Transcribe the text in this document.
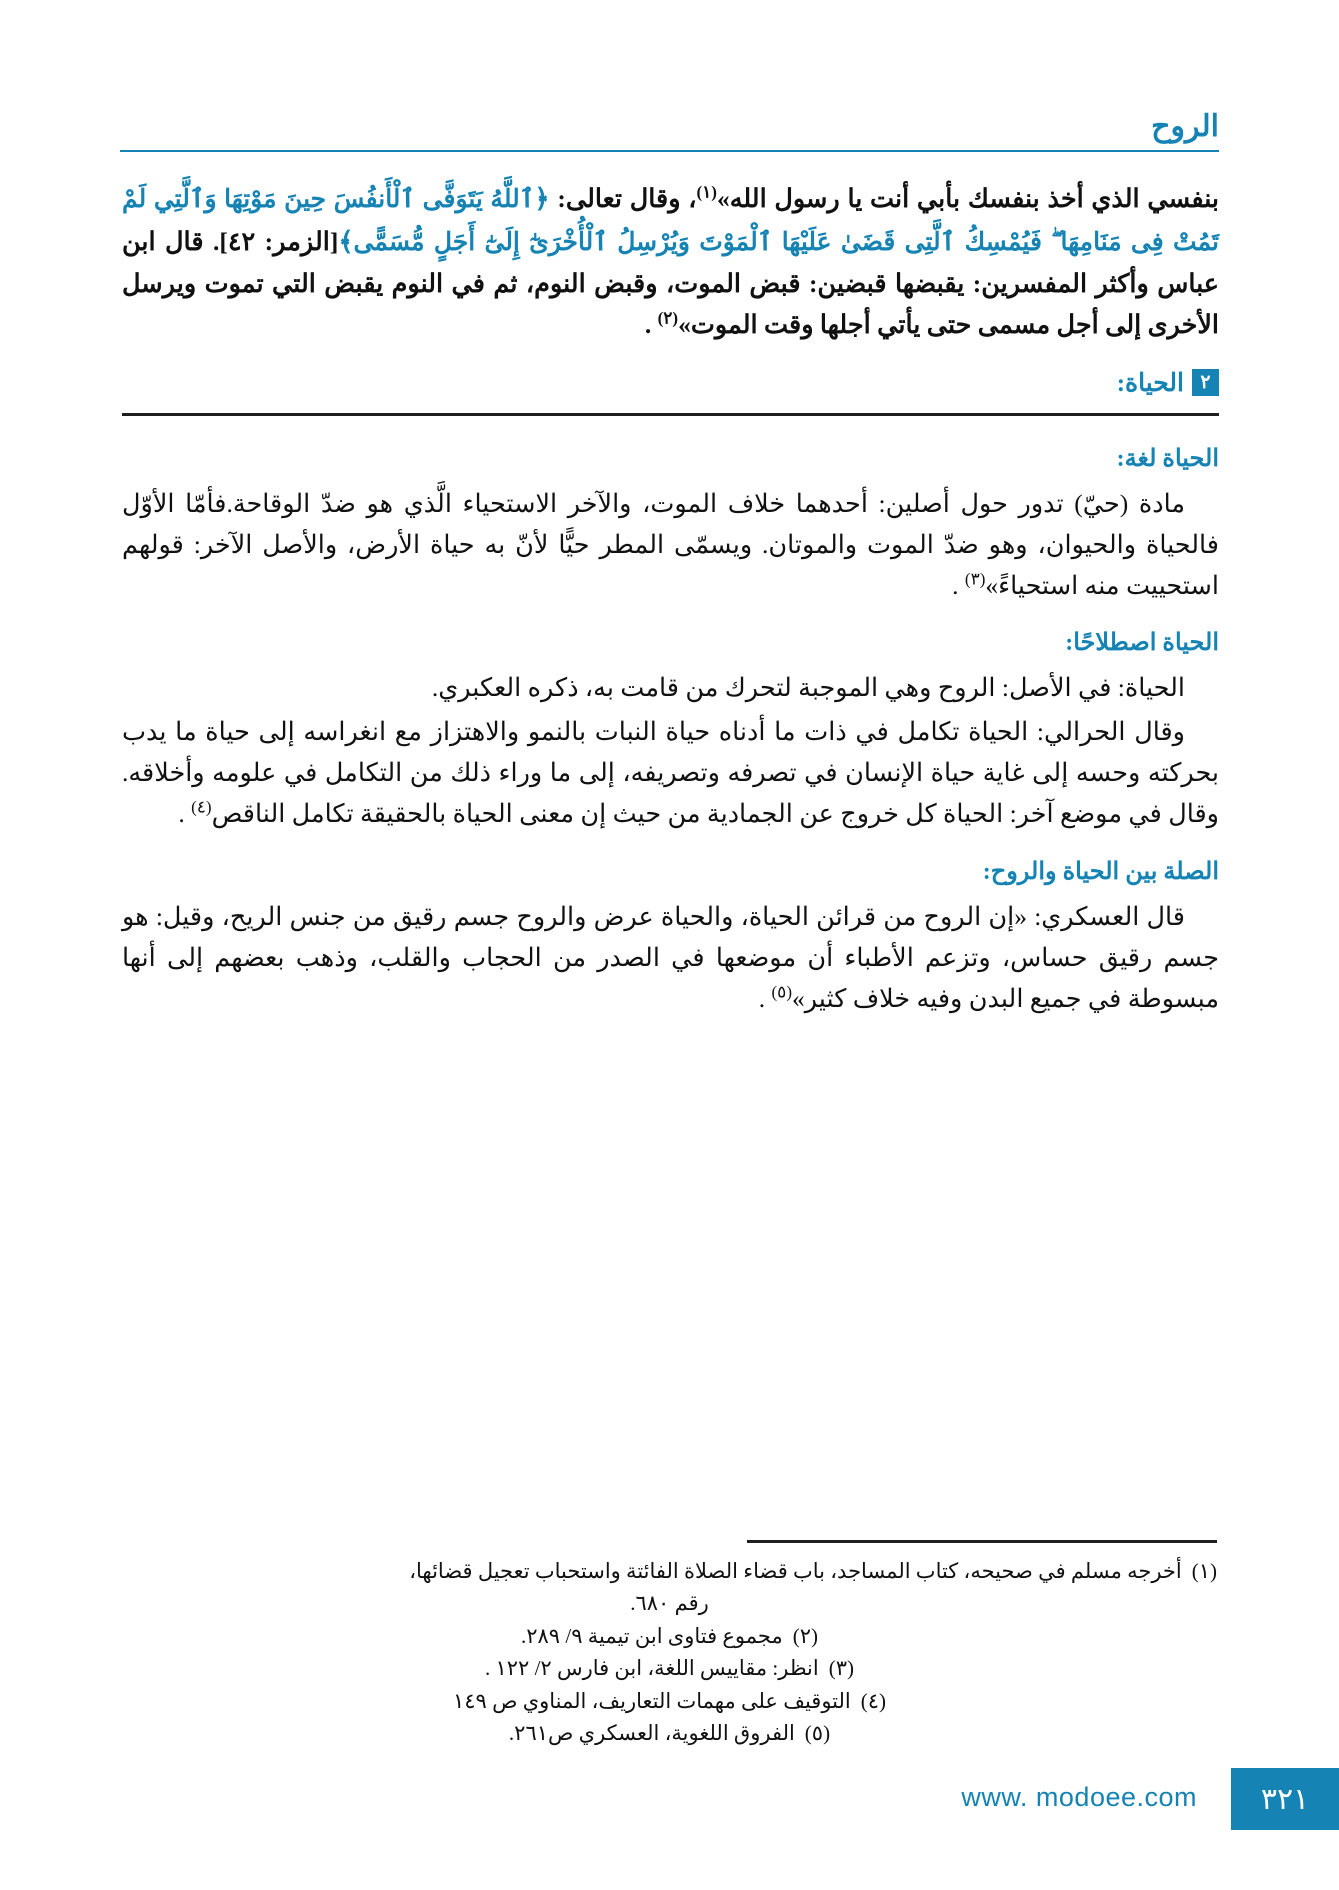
الروح

بنفسي الذي أخذ بنفسك بأبي أنت يا رسول الله»$^{(١)}$، وقال تعالى: ﴿ٱللَّهُ يَتَوَفَّى ٱلْأَنفُسَ حِينَ مَوْتِهَا وَٱلَّتِي لَمْ تَمُتْ فِى مَنَامِهَا ۖ فَيُمْسِكُ ٱلَّتِى قَضَىٰ عَلَيْهَا ٱلْمَوْتَ وَيُرْسِلُ ٱلْأُخْرَىٰٓ إِلَىٰٓ أَجَلٍ مُّسَمًّى﴾[الزمر: ٤٢]. قال ابن عباس وأكثر المفسرين: يقبضها قبضين: قبض الموت، وقبض النوم، ثم في النوم يقبض التي تموت ويرسل الأخرى إلى أجل مسمى حتى يأتي أجلها وقت الموت»$^{(٢)}$ .

٢الحياة:
الحياة لغة:

مادة (حيّ) تدور حول أصلين: أحدهما خلاف الموت، والآخر الاستحياء الَّذي هو ضدّ الوقاحة.فأمّا الأوّل فالحياة والحيوان، وهو ضدّ الموت والموتان. ويسمّى المطر حيًّا لأنّ به حياة الأرض، والأصل الآخر: قولهم استحييت منه استحياءً»$^{(٣)}$ .

الحياة اصطلاحًا:

الحياة: في الأصل: الروح وهي الموجبة لتحرك من قامت به، ذكره العكبري.

وقال الحرالي: الحياة تكامل في ذات ما أدناه حياة النبات بالنمو والاهتزاز مع انغراسه إلى حياة ما يدب بحركته وحسه إلى غاية حياة الإنسان في تصرفه وتصريفه، إلى ما وراء ذلك من التكامل في علومه وأخلاقه. وقال في موضع آخر: الحياة كل خروج عن الجمادية من حيث إن معنى الحياة بالحقيقة تكامل الناقص$^{(٤)}$ .

الصلة بين الحياة والروح:

قال العسكري: «إن الروح من قرائن الحياة، والحياة عرض والروح جسم رقيق من جنس الريح، وقيل: هو جسم رقيق حساس، وتزعم الأطباء أن موضعها في الصدر من الحجاب والقلب، وذهب بعضهم إلى أنها مبسوطة في جميع البدن وفيه خلاف كثير»$^{(٥)}$ .

(١)
أخرجه مسلم في صحيحه، كتاب المساجد، باب قضاء الصلاة الفائتة واستحباب تعجيل قضائها،
رقم ٦٨٠.
(٢)
مجموع فتاوى ابن تيمية ٩/ ٢٨٩.
(٣)
انظر: مقاييس اللغة، ابن فارس ٢/ ١٢٢ .
(٤)
التوقيف على مهمات التعاريف، المناوي ص ١٤٩
(٥)
الفروق اللغوية، العسكري ص٢٦١.
٣٢١
www. modoee.com
